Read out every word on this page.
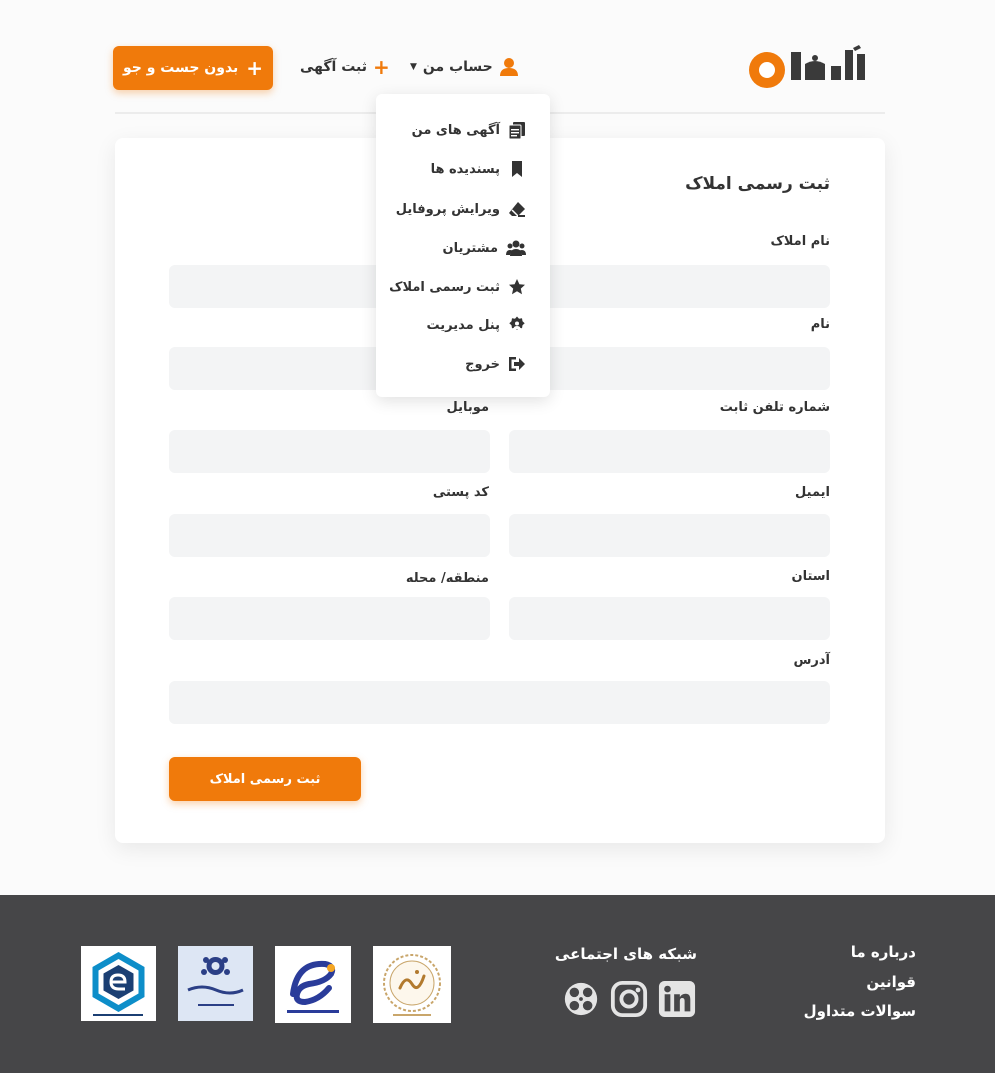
حساب من
▼
+
ثبت آگهی
+
بدون جست و جو
ثبت رسمی املاک
نام املاک
نام
شماره تلفن ثابت
موبایل
ایمیل
کد پستی
استان
منطقه/ محله
آدرس
ثبت رسمی املاک
آگهی های من
پسندیده ها
ویرایش پروفایل
مشتریان
ثبت رسمی املاک
پنل مدیریت
خروج
درباره ما
قوانین
سوالات متداول
شبکه های اجتماعی
